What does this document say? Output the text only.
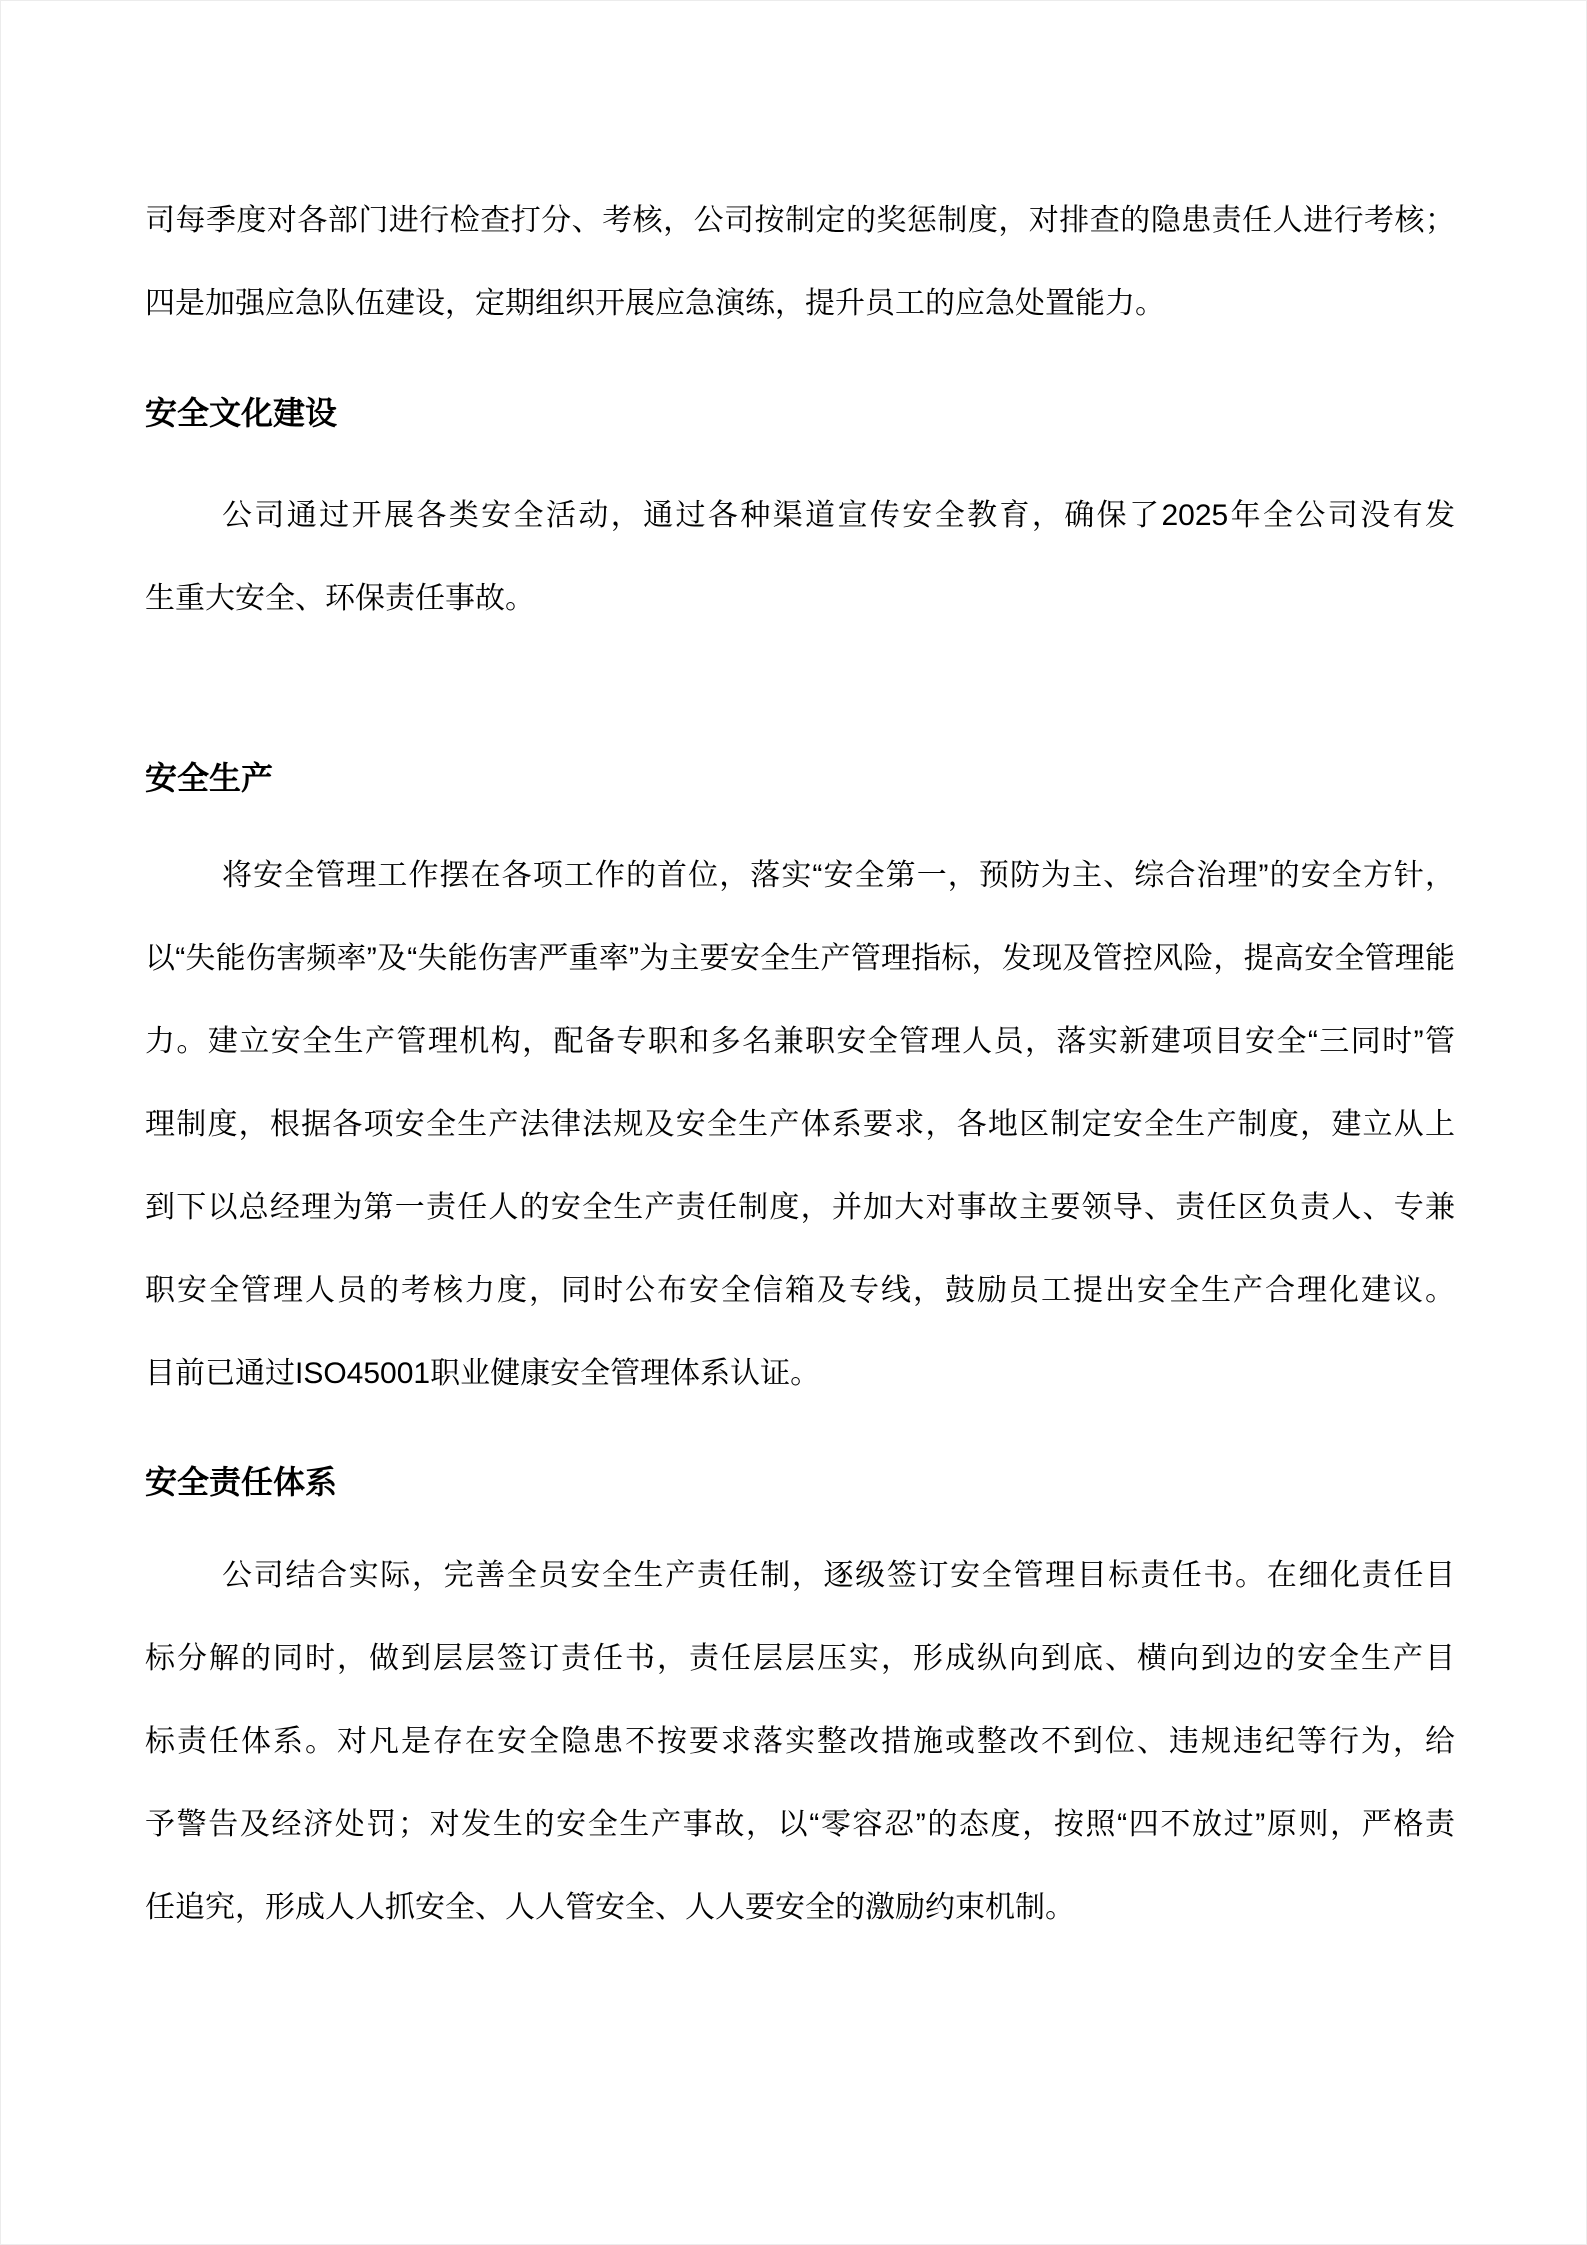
司每季度对各部门进行检查打分、考核，公司按制定的奖惩制度，对排查的隐患责任人进行考核；
四是加强应急队伍建设，定期组织开展应急演练，提升员工的应急处置能力。
安全文化建设
公司通过开展各类安全活动，通过各种渠道宣传安全教育，确保了2025年全公司没有发
生重大安全、环保责任事故。
安全生产
将安全管理工作摆在各项工作的首位，落实“安全第一，预防为主、综合治理”的安全方针，
以“失能伤害频率”及“失能伤害严重率”为主要安全生产管理指标，发现及管控风险，提高安全管理能
力。建立安全生产管理机构，配备专职和多名兼职安全管理人员，落实新建项目安全“三同时”管
理制度，根据各项安全生产法律法规及安全生产体系要求，各地区制定安全生产制度，建立从上
到下以总经理为第一责任人的安全生产责任制度，并加大对事故主要领导、责任区负责人、专兼
职安全管理人员的考核力度，同时公布安全信箱及专线，鼓励员工提出安全生产合理化建议。
目前已通过ISO45001职业健康安全管理体系认证。
安全责任体系
公司结合实际，完善全员安全生产责任制，逐级签订安全管理目标责任书。在细化责任目
标分解的同时，做到层层签订责任书，责任层层压实，形成纵向到底、横向到边的安全生产目
标责任体系。对凡是存在安全隐患不按要求落实整改措施或整改不到位、违规违纪等行为，给
予警告及经济处罚；对发生的安全生产事故，以“零容忍”的态度，按照“四不放过”原则，严格责
任追究，形成人人抓安全、人人管安全、人人要安全的激励约束机制。
